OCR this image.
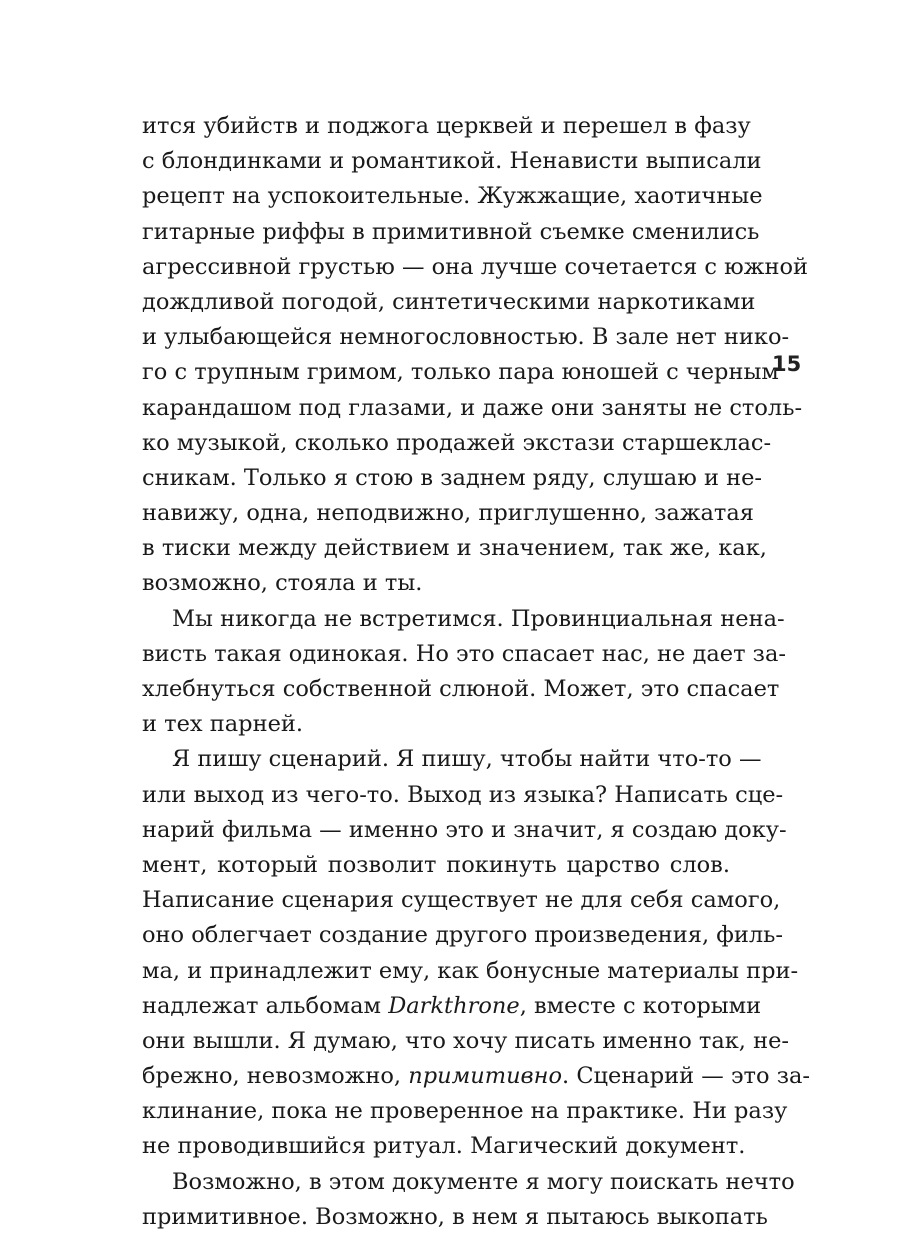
ится убийств и поджога церквей и перешел в фазу
с блондинками и романтикой. Ненависти выписали
рецепт на успокоительные. Жужжащие, хаотичные
гитарные риффы в примитивной съемке сменились
агрессивной грустью — она лучше сочетается с южной
дождливой погодой, синтетическими наркотиками
и улыбающейся немногословностью. В зале нет нико-
го с трупным гримом, только пара юношей с черным
карандашом под глазами, и даже они заняты не столь-
ко музыкой, сколько продажей экстази старшеклас-
сникам. Только я стою в заднем ряду, слушаю и не-
навижу, одна, неподвижно, приглушенно, зажатая
в тиски между действием и значением, так же, как,
возможно, стояла и ты.
Мы никогда не встретимся. Провинциальная нена-
висть такая одинокая. Но это спасает нас, не дает за-
хлебнуться собственной слюной. Может, это спасает
и тех парней.
Я пишу сценарий. Я пишу, чтобы найти что-то —
или выход из чего-то. Выход из языка? Написать сце-
нарий фильма — именно это и значит, я создаю доку-
мент, который позволит покинуть царство слов.
Написание сценария существует не для себя самого,
оно облегчает создание другого произведения, филь-
ма, и принадлежит ему, как бонусные материалы при-
надлежат альбомам Darkthrone, вместе с которыми
они вышли. Я думаю, что хочу писать именно так, не-
брежно, невозможно, примитивно. Сценарий — это за-
клинание, пока не проверенное на практике. Ни разу
не проводившийся ритуал. Магический документ.
Возможно, в этом документе я могу поискать нечто
примитивное. Возможно, в нем я пытаюсь выкопать
15
